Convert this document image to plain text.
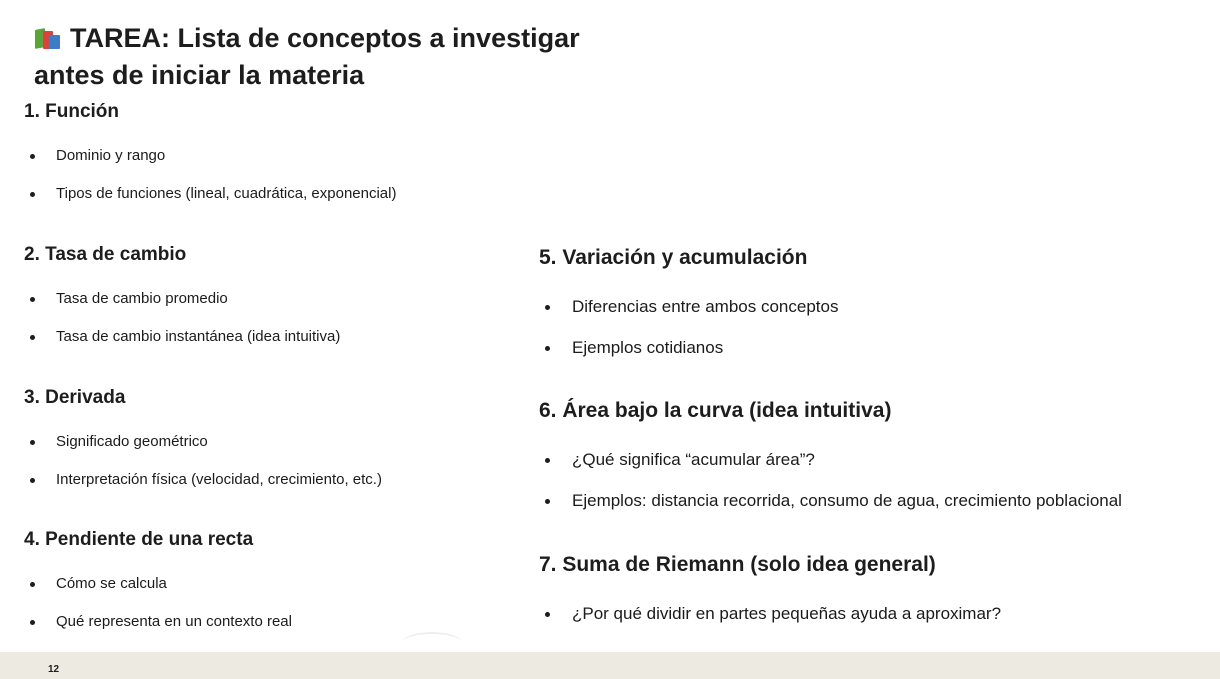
TAREA: Lista de conceptos a investigar
antes de iniciar la materia
1. Función
Dominio y rango
Tipos de funciones (lineal, cuadrática, exponencial)
2. Tasa de cambio
Tasa de cambio promedio
Tasa de cambio instantánea (idea intuitiva)
3. Derivada
Significado geométrico
Interpretación física (velocidad, crecimiento, etc.)
4. Pendiente de una recta
Cómo se calcula
Qué representa en un contexto real
5. Variación y acumulación
Diferencias entre ambos conceptos
Ejemplos cotidianos
6. Área bajo la curva (idea intuitiva)
¿Qué significa “acumular área”?
Ejemplos: distancia recorrida, consumo de agua, crecimiento poblacional
7. Suma de Riemann (solo idea general)
¿Por qué dividir en partes pequeñas ayuda a aproximar?
12
